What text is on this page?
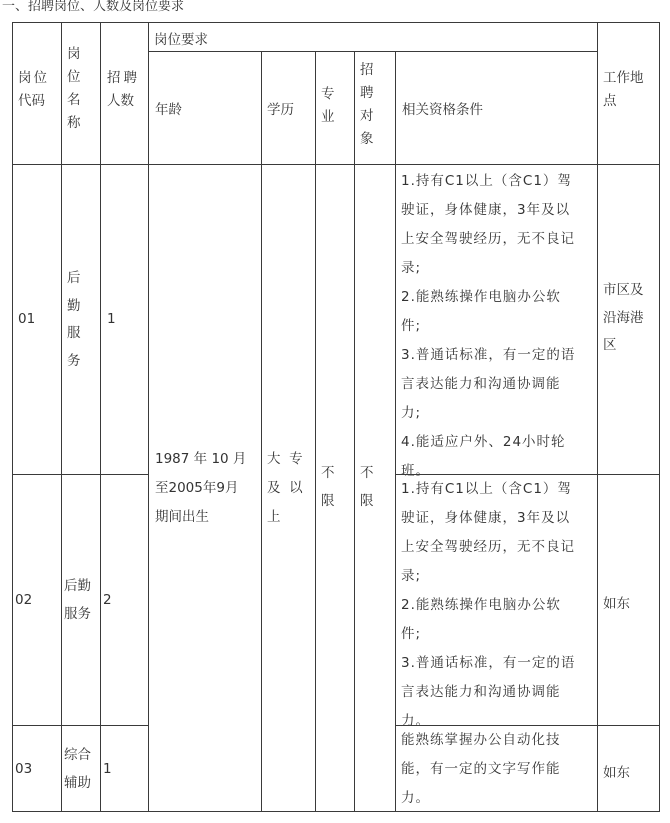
一、招聘岗位、人数及岗位要求
岗位
代码
岗
位
名
称
招聘
人数
岗位要求
年龄	学历
专
业
招
聘
对
象
相关资格条件
工作地
点
01
后
勤
服
务
1
1.持有C1以上（含C1）驾
驶证，身体健康，3年及以
上安全驾驶经历，无不良记
录;
2.能熟练操作电脑办公软
件;
3.普通话标准，有一定的语
言表达能力和沟通协调能
力;
4.能适应户外、24小时轮
班。
市区及
沿海港
区
1987 年 10 月
至2005年9月
期间出生
大  专
及  以
上
不
限
不
限
02
后勤
服务
2
1.持有C1以上（含C1）驾
驶证，身体健康，3年及以
上安全驾驶经历，无不良记
录;
2.能熟练操作电脑办公软
件;
3.普通话标准，有一定的语
言表达能力和沟通协调能
力。
如东
03
综合
辅助
1
能熟练掌握办公自动化技
能，有一定的文字写作能
力。
如东
